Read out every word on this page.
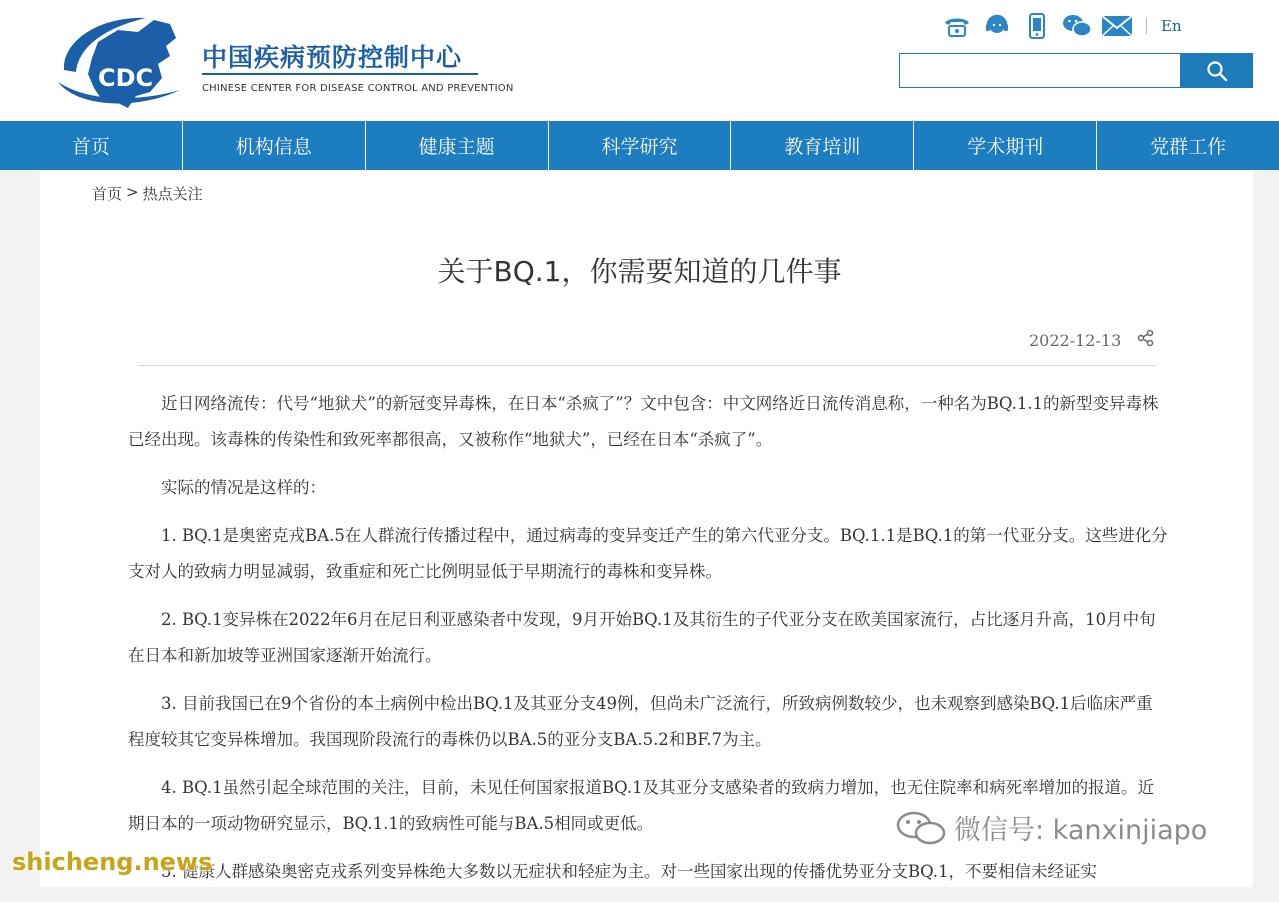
CDC
中国疾病预防控制中心
CHINESE CENTER FOR DISEASE CONTROL AND PREVENTION
En
首页	机构信息	健康主题	科学研究	教育培训	学术期刊	党群工作
首页 > 热点关注
关于BQ.1，你需要知道的几件事
2022-12-13

近日网络流传：代号“地狱犬”的新冠变异毒株，在日本“杀疯了”？文中包含：中文网络近日流传消息称，一种名为BQ.1.1的新型变异毒株已经出现。该毒株的传染性和致死率都很高，又被称作“地狱犬”，已经在日本“杀疯了”。

实际的情况是这样的：

1. BQ.1是奥密克戎BA.5在人群流行传播过程中，通过病毒的变异变迁产生的第六代亚分支。BQ.1.1是BQ.1的第一代亚分支。这些进化分支对人的致病力明显减弱，致重症和死亡比例明显低于早期流行的毒株和变异株。

2. BQ.1变异株在2022年6月在尼日利亚感染者中发现，9月开始BQ.1及其衍生的子代亚分支在欧美国家流行，占比逐月升高，10月中旬在日本和新加坡等亚洲国家逐渐开始流行。

3. 目前我国已在9个省份的本土病例中检出BQ.1及其亚分支49例，但尚未广泛流行，所致病例数较少，也未观察到感染BQ.1后临床严重程度较其它变异株增加。我国现阶段流行的毒株仍以BA.5的亚分支BA.5.2和BF.7为主。

4. BQ.1虽然引起全球范围的关注，目前，未见任何国家报道BQ.1及其亚分支感染者的致病力增加，也无住院率和病死率增加的报道。近期日本的一项动物研究显示，BQ.1.1的致病性可能与BA.5相同或更低。

5. 健康人群感染奥密克戎系列变异株绝大多数以无症状和轻症为主。对一些国家出现的传播优势亚分支BQ.1，不要相信未经证实

微信号: kanxinjiapo
shicheng.news
